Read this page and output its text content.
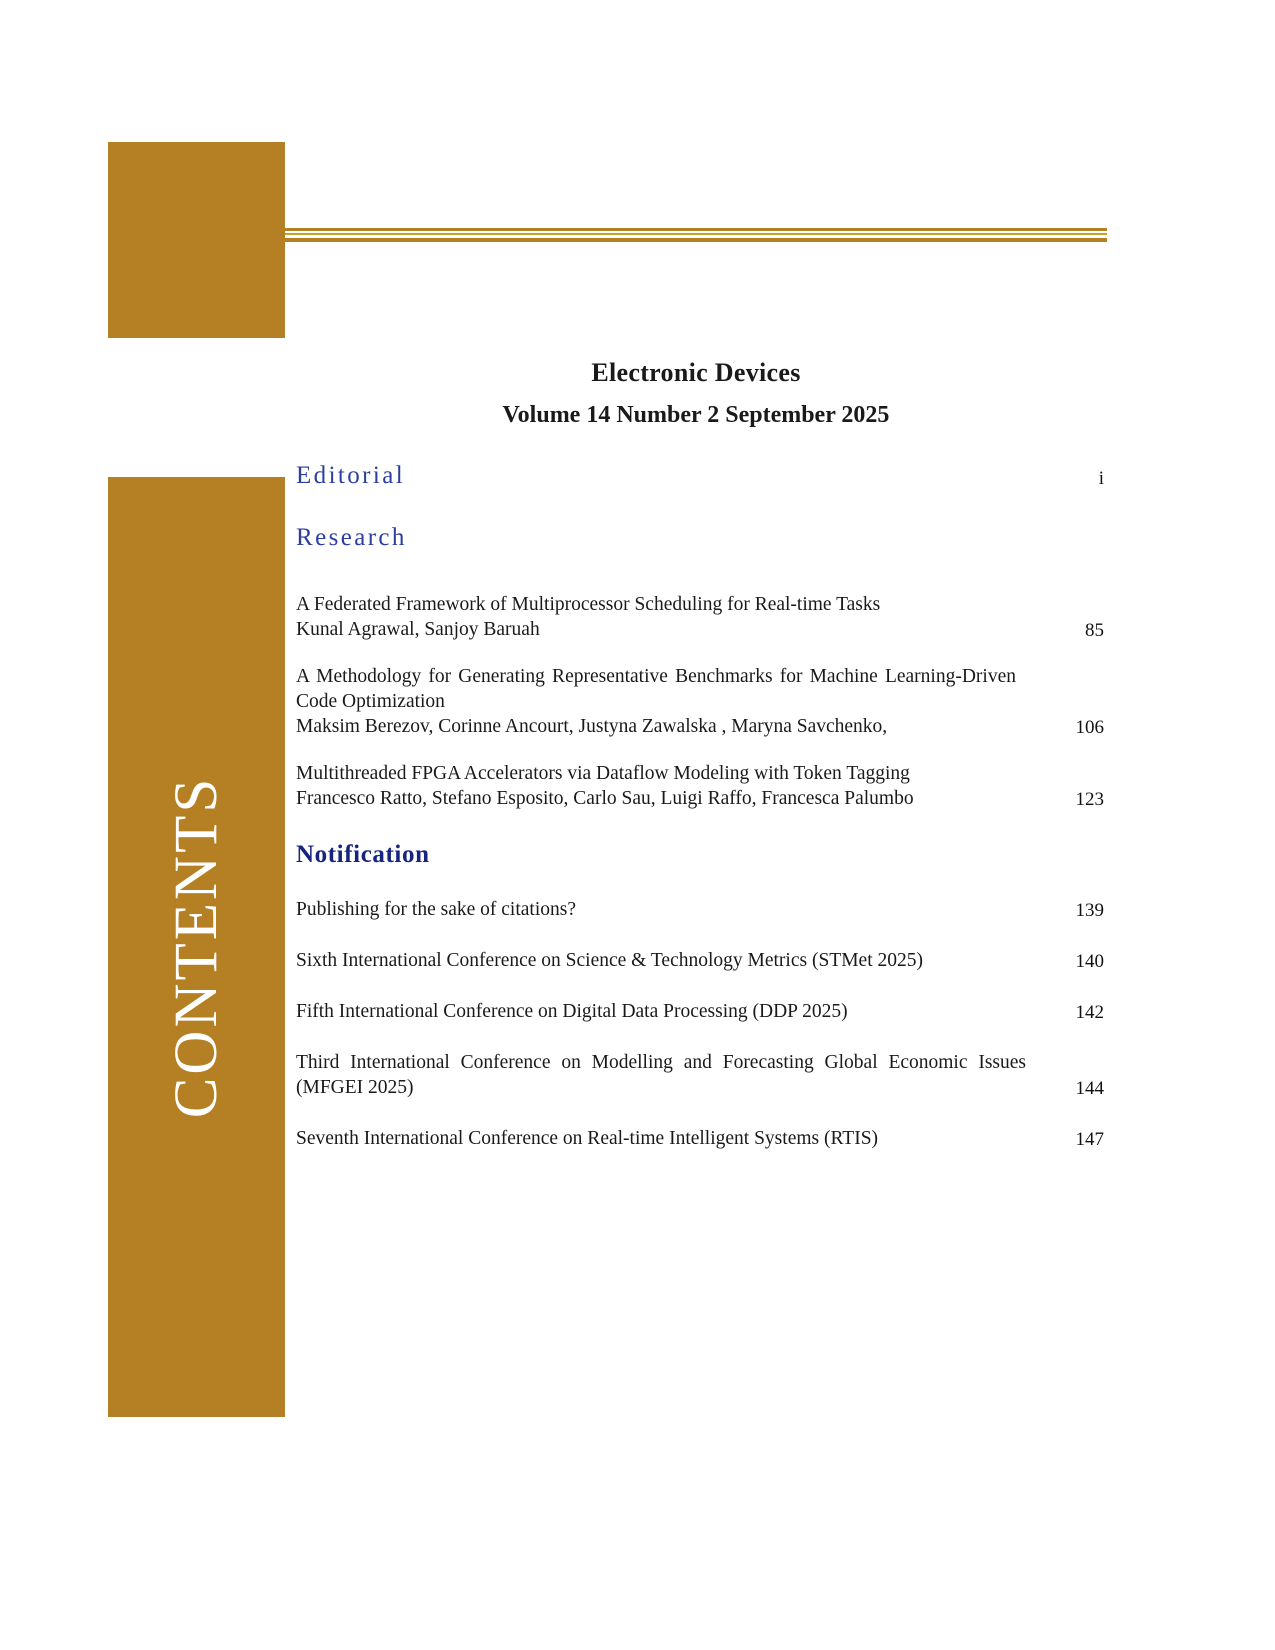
CONTENTS
Electronic Devices
Volume 14 Number 2 September 2025
Editorial	i
Research
A Federated Framework of Multiprocessor Scheduling for Real-time Tasks
Kunal Agrawal, Sanjoy Baruah	85
A Methodology for Generating Representative Benchmarks for Machine Learning-Driven Code Optimization
Maksim Berezov, Corinne Ancourt, Justyna Zawalska , Maryna Savchenko,	106
Multithreaded FPGA Accelerators via Dataflow Modeling with Token Tagging
Francesco Ratto, Stefano Esposito, Carlo Sau, Luigi Raffo, Francesca Palumbo	123
Notification
Publishing for the sake of citations?	139
Sixth International Conference on Science & Technology Metrics (STMet 2025)	140
Fifth International Conference on Digital Data Processing (DDP 2025)	142
Third International Conference on Modelling and Forecasting Global Economic Issues (MFGEI 2025)	144
Seventh International Conference on Real-time Intelligent Systems (RTIS)	147
